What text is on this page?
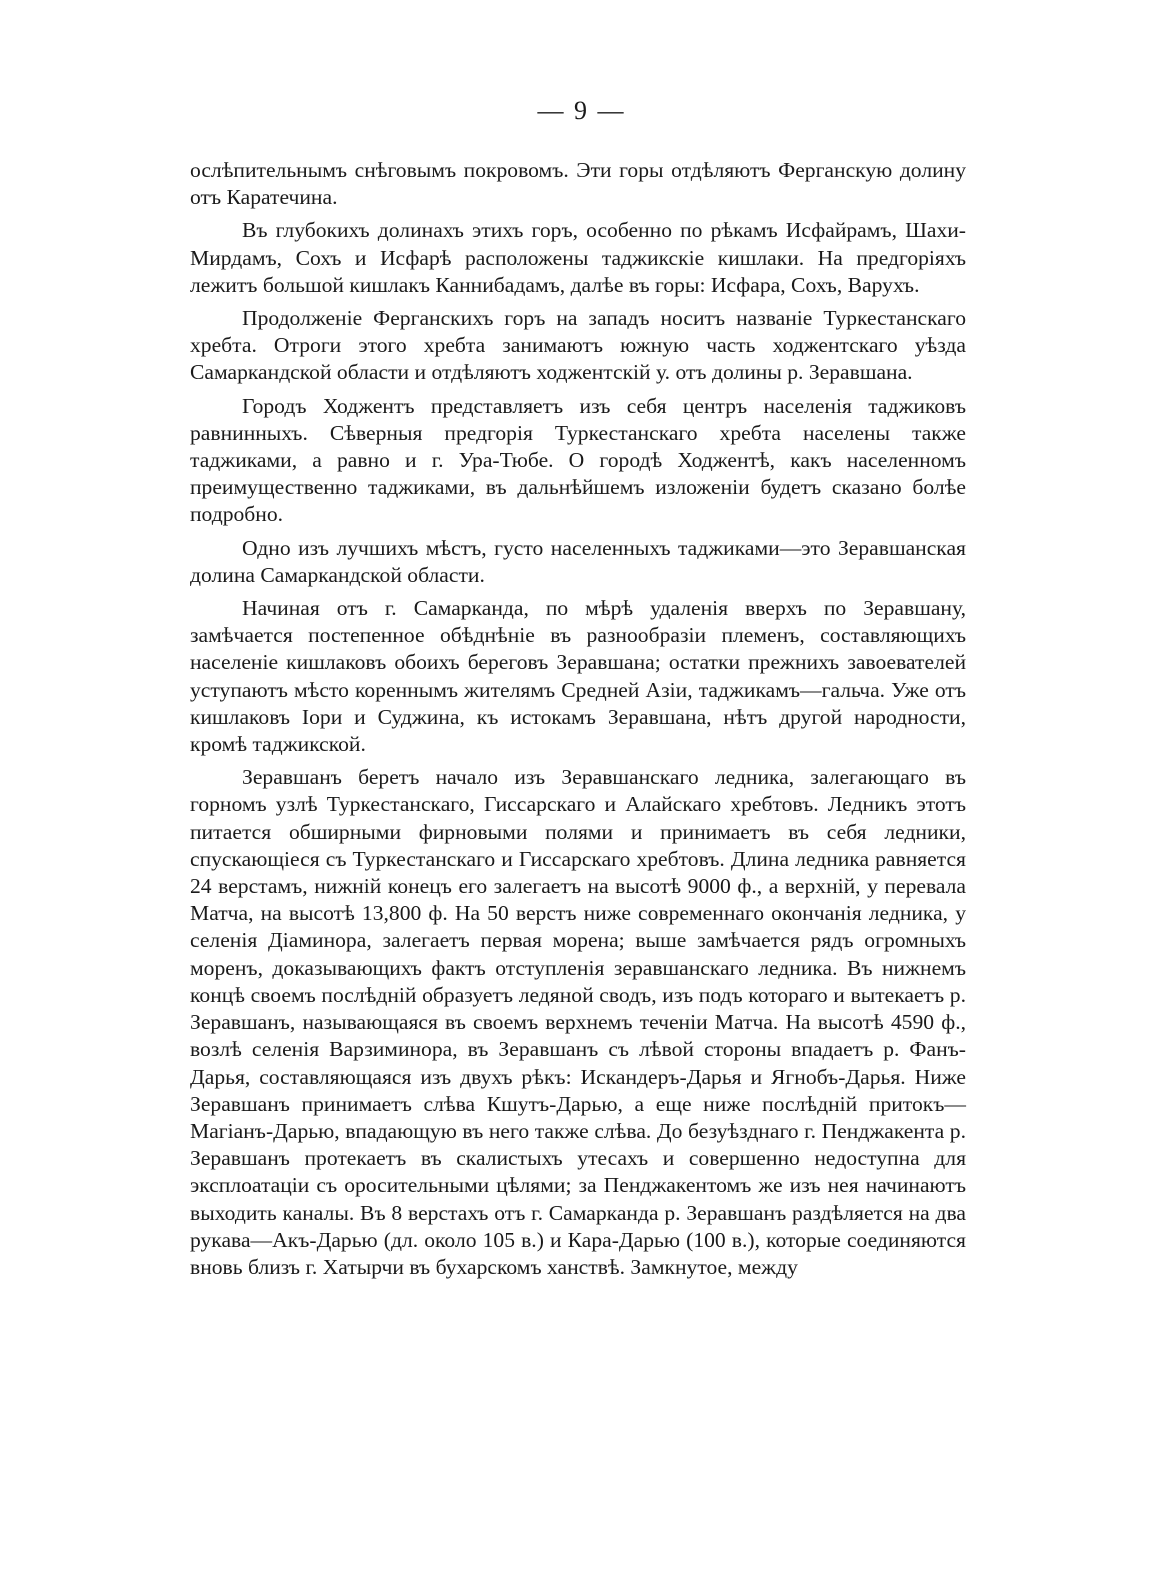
— 9 —

ослѣпительнымъ снѣговымъ покровомъ. Эти горы отдѣляютъ Ферганскую долину отъ Каратечина.

Въ глубокихъ долинахъ этихъ горъ, особенно по рѣкамъ Исфайрамъ, Шахи-Мирдамъ, Сохъ и Исфарѣ расположены таджикскіе кишлаки. На предгоріяхъ лежитъ большой кишлакъ Каннибадамъ, далѣе въ горы: Исфара, Сохъ, Варухъ.

Продолженіе Ферганскихъ горъ на западъ носитъ названіе Туркестанскаго хребта. Отроги этого хребта занимаютъ южную часть ходжентскаго уѣзда Самаркандской области и отдѣляютъ ходжентскій у. отъ долины р. Зеравшана.

Городъ Ходжентъ представляетъ изъ себя центръ населенія таджиковъ равнинныхъ. Сѣверныя предгорія Туркестанскаго хребта населены также таджиками, а равно и г. Ура-Тюбе. О городѣ Ходжентѣ, какъ населенномъ преимущественно таджиками, въ дальнѣйшемъ изложеніи будетъ сказано болѣе подробно.

Одно изъ лучшихъ мѣстъ, густо населенныхъ таджиками—это Зеравшанская долина Самаркандской области.

Начиная отъ г. Самарканда, по мѣрѣ удаленія вверхъ по Зеравшану, замѣчается постепенное обѣднѣніе въ разнообразіи племенъ, составляющихъ населеніе кишлаковъ обоихъ береговъ Зеравшана; остатки прежнихъ завоевателей уступаютъ мѣсто кореннымъ жителямъ Средней Азіи, таджикамъ—гальча. Уже отъ кишлаковъ Іори и Суджина, къ истокамъ Зеравшана, нѣтъ другой народности, кромѣ таджикской.

Зеравшанъ беретъ начало изъ Зеравшанскаго ледника, залегающаго въ горномъ узлѣ Туркестанскаго, Гиссарскаго и Алайскаго хребтовъ. Ледникъ этотъ питается обширными фирновыми полями и принимаетъ въ себя ледники, спускающіеся съ Туркестанскаго и Гиссарскаго хребтовъ. Длина ледника равняется 24 верстамъ, нижній конецъ его залегаетъ на высотѣ 9000 ф., а верхній, у перевала Матча, на высотѣ 13,800 ф. На 50 верстъ ниже современнаго окончанія ледника, у селенія Діаминора, залегаетъ первая морена; выше замѣчается рядъ огромныхъ моренъ, доказывающихъ фактъ отступленія зеравшанскаго ледника. Въ нижнемъ концѣ своемъ послѣдній образуетъ ледяной сводъ, изъ подъ котораго и вытекаетъ р. Зеравшанъ, называющаяся въ своемъ верхнемъ теченіи Матча. На высотѣ 4590 ф., возлѣ селенія Варзиминора, въ Зеравшанъ съ лѣвой стороны впадаетъ р. Фанъ-Дарья, составляющаяся изъ двухъ рѣкъ: Искандеръ-Дарья и Ягнобъ-Дарья. Ниже Зеравшанъ принимаетъ слѣва Кшутъ-Дарью, а еще ниже послѣдній притокъ—Магіанъ-Дарью, впадающую въ него также слѣва. До безуѣзднаго г. Пенджакента р. Зеравшанъ протекаетъ въ скалистыхъ утесахъ и совершенно недоступна для эксплоатаціи съ оросительными цѣлями; за Пенджакентомъ же изъ нея начинаютъ выходить каналы. Въ 8 верстахъ отъ г. Самарканда р. Зеравшанъ раздѣляется на два рукава—Акъ-Дарью (дл. около 105 в.) и Кара-Дарью (100 в.), которые соединяются вновь близъ г. Хатырчи въ бухарскомъ ханствѣ. Замкнутое, между
